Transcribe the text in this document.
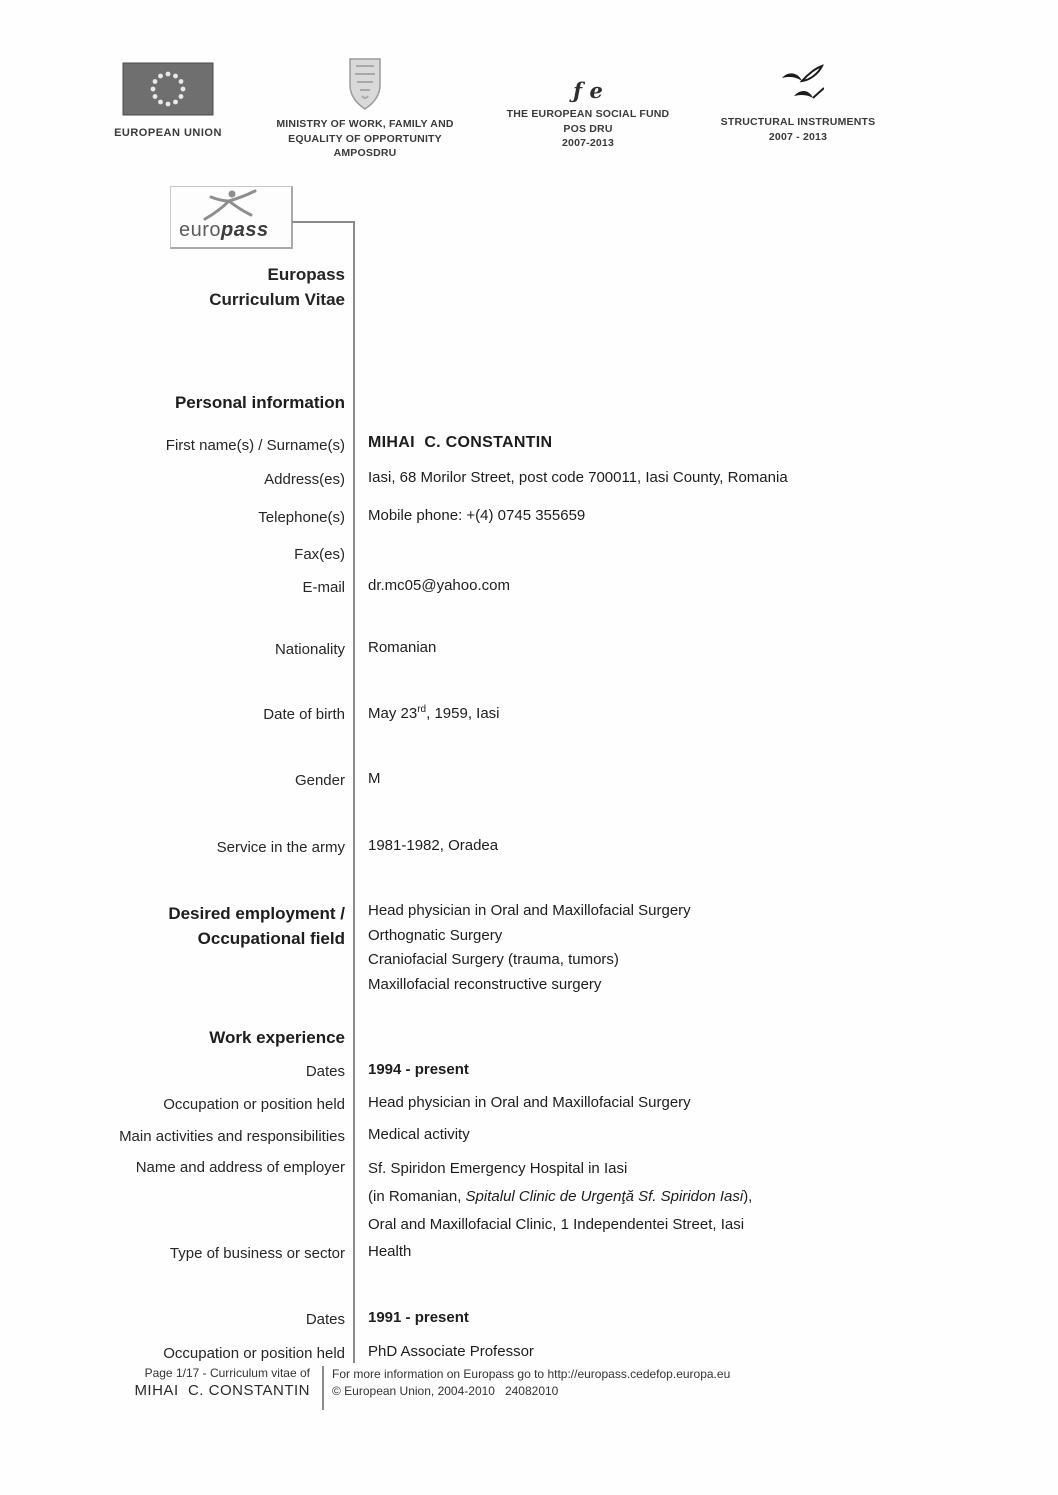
EUROPEAN UNION
MINISTRY OF WORK, FAMILY AND
EQUALITY OF OPPORTUNITY
AMPOSDRU
ƒ e
THE EUROPEAN SOCIAL FUND
POS DRU
2007-2013
STRUCTURAL INSTRUMENTS
2007 - 2013
europass
Europass
Curriculum Vitae
Personal information
First name(s) / Surname(s) MIHAI  C. CONSTANTIN
Address(es) Iasi, 68 Morilor Street, post code 700011, Iasi County, Romania
Telephone(s) Mobile phone: +(4) 0745 355659
Fax(es)
E-mail dr.mc05@yahoo.com
Nationality Romanian
Date of birth May 23rd, 1959, Iasi
Gender M
Service in the army 1981-1982, Oradea
Desired employment /
Occupational field
Head physician in Oral and Maxillofacial Surgery
Orthognatic Surgery
Craniofacial Surgery (trauma, tumors)
Maxillofacial reconstructive surgery
Work experience
Dates 1994 - present
Occupation or position held Head physician in Oral and Maxillofacial Surgery
Main activities and responsibilities Medical activity
Name and address of employer Sf. Spiridon Emergency Hospital in Iasi
(in Romanian, Spitalul Clinic de Urgenţă Sf. Spiridon Iasi),
Oral and Maxillofacial Clinic, 1 Independentei Street, Iasi
Type of business or sector Health
Dates 1991 - present
Occupation or position held PhD Associate Professor
Page 1/17 - Curriculum vitae of
MIHAI  C. CONSTANTIN
For more information on Europass go to http://europass.cedefop.europa.eu
© European Union, 2004-2010   24082010
